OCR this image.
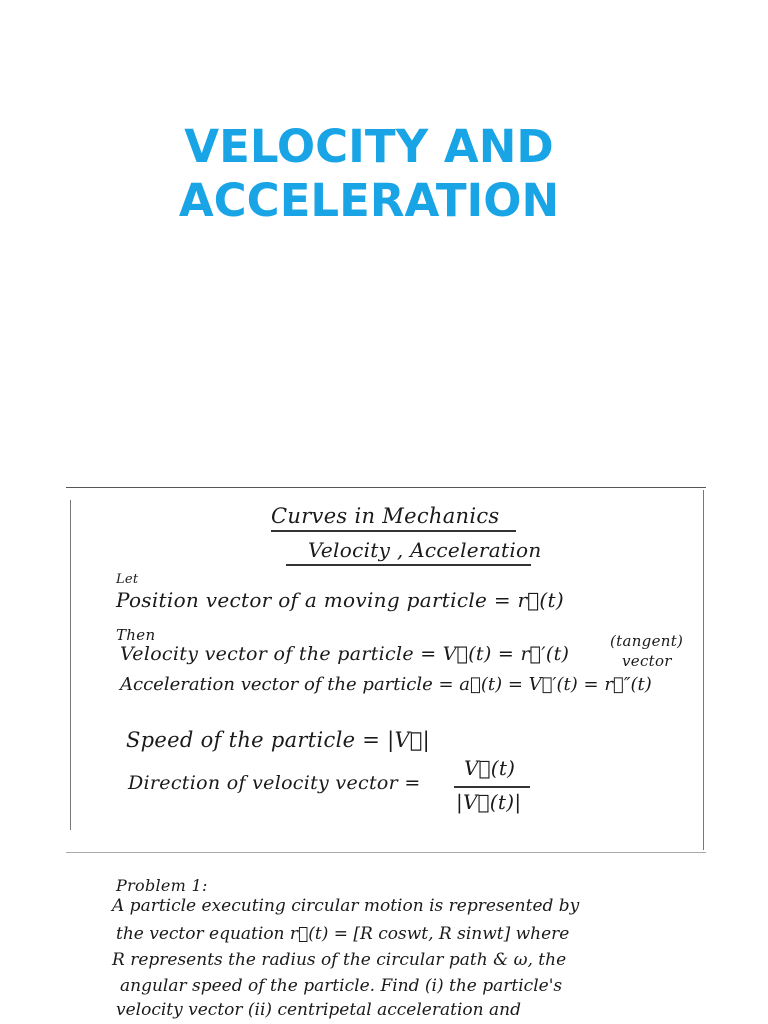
VELOCITY AND
ACCELERATION
Curves in Mechanics
Velocity , Acceleration
Let
Position vector of a moving particle = r⃗(t)
Then
Velocity vector of the particle = V⃗(t) = r⃗′(t)
(tangent)
vector
Acceleration vector of the particle = a⃗(t) = V⃗′(t) = r⃗″(t)
Speed of the particle = |V⃗|
Direction of velocity vector =
V⃗(t)
|V⃗(t)|
Problem 1:
A particle executing circular motion is represented by
the vector equation r⃗(t) = [R coswt, R sinwt] where
R represents the radius of the circular path & ω, the
angular speed of the particle. Find (i) the particle's
velocity vector (ii) centripetal acceleration and
